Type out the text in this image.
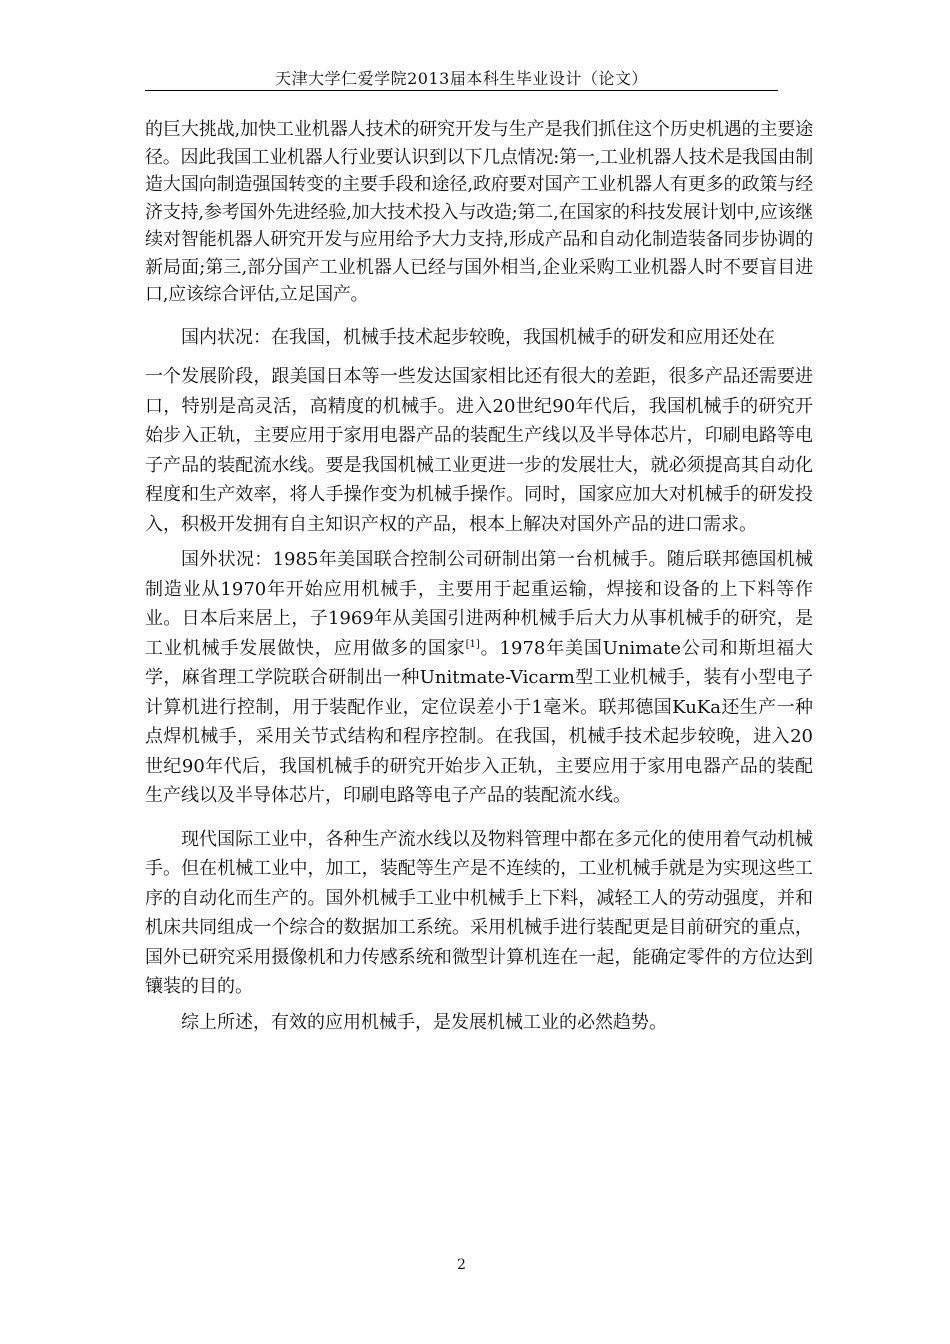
天津大学仁爱学院2013届本科生毕业设计（论文）

的巨大挑战,加快工业机器人技术的研究开发与生产是我们抓住这个历史机遇的主要途径。因此我国工业机器人行业要认识到以下几点情况:第一,工业机器人技术是我国由制造大国向制造强国转变的主要手段和途径,政府要对国产工业机器人有更多的政策与经济支持,参考国外先进经验,加大技术投入与改造;第二,在国家的科技发展计划中,应该继续对智能机器人研究开发与应用给予大力支持,形成产品和自动化制造装备同步协调的新局面;第三,部分国产工业机器人已经与国外相当,企业采购工业机器人时不要盲目进口,应该综合评估,立足国产。

国内状况：在我国，机械手技术起步较晚，我国机械手的研发和应用还处在

一个发展阶段，跟美国日本等一些发达国家相比还有很大的差距，很多产品还需要进口，特别是高灵活，高精度的机械手。进入20世纪90年代后，我国机械手的研究开始步入正轨，主要应用于家用电器产品的装配生产线以及半导体芯片，印刷电路等电子产品的装配流水线。要是我国机械工业更进一步的发展壮大，就必须提高其自动化程度和生产效率，将人手操作变为机械手操作。同时，国家应加大对机械手的研发投入，积极开发拥有自主知识产权的产品，根本上解决对国外产品的进口需求。

国外状况：1985年美国联合控制公司研制出第一台机械手。随后联邦德国机械制造业从1970年开始应用机械手，主要用于起重运输，焊接和设备的上下料等作业。日本后来居上，子1969年从美国引进两种机械手后大力从事机械手的研究，是工业机械手发展做快，应用做多的国家[1]。1978年美国Unimate公司和斯坦福大学，麻省理工学院联合研制出一种Unitmate-Vicarm型工业机械手，装有小型电子计算机进行控制，用于装配作业，定位误差小于1毫米。联邦德国KuKa还生产一种点焊机械手，采用关节式结构和程序控制。在我国，机械手技术起步较晚，进入20世纪90年代后，我国机械手的研究开始步入正轨，主要应用于家用电器产品的装配生产线以及半导体芯片，印刷电路等电子产品的装配流水线。

现代国际工业中，各种生产流水线以及物料管理中都在多元化的使用着气动机械手。但在机械工业中，加工，装配等生产是不连续的，工业机械手就是为实现这些工序的自动化而生产的。国外机械手工业中机械手上下料，减轻工人的劳动强度，并和机床共同组成一个综合的数据加工系统。采用机械手进行装配更是目前研究的重点，国外已研究采用摄像机和力传感系统和微型计算机连在一起，能确定零件的方位达到镶装的目的。

综上所述，有效的应用机械手，是发展机械工业的必然趋势。

2
